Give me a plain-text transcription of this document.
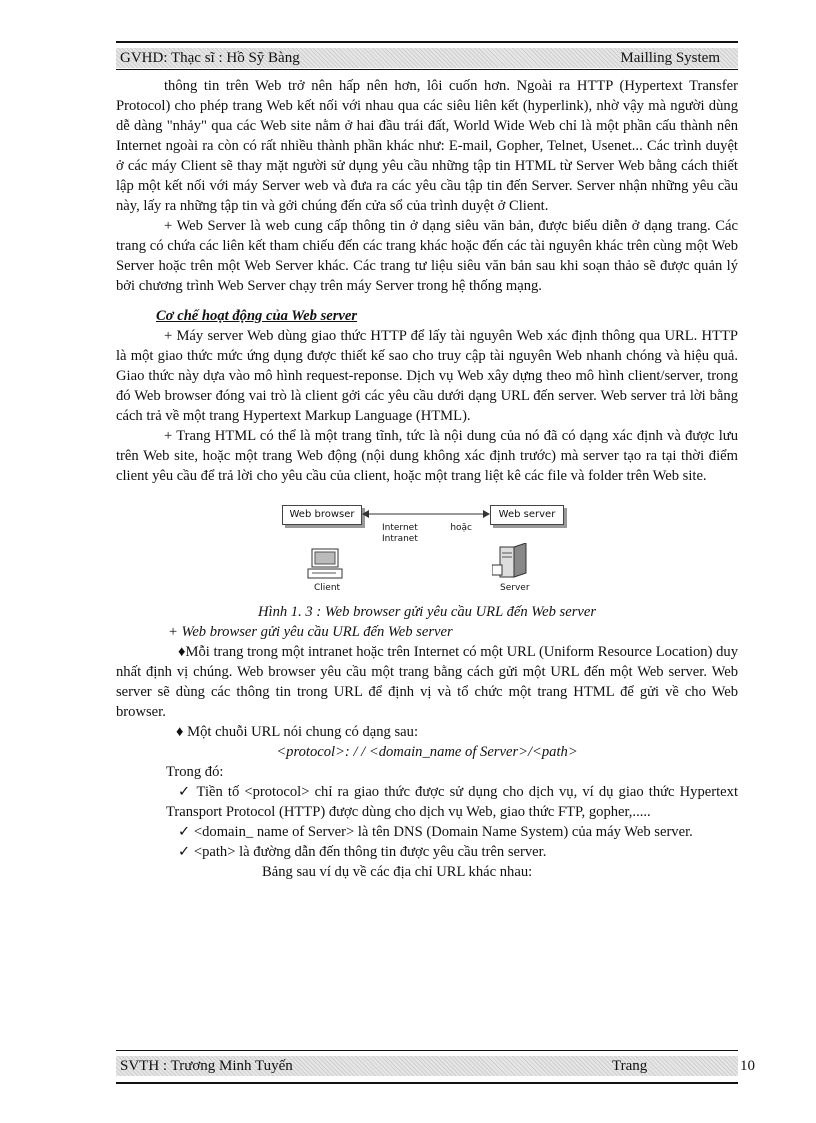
GVHD: Thạc sĩ : Hồ Sỹ Bàng	Mailling System

thông tin trên Web trở nên hấp nên hơn, lôi cuốn hơn. Ngoài ra HTTP (Hypertext Transfer Protocol) cho phép trang Web kết nối với nhau qua các siêu liên kết (hyperlink), nhờ vậy mà người dùng dễ dàng "nhảy" qua các Web site nằm ở hai đầu trái đất, World Wide Web chỉ là một phần cấu thành nên Internet ngoài ra còn có rất nhiều thành phần khác như: E-mail, Gopher, Telnet, Usenet... Các trình duyệt ở các máy Client sẽ thay mặt người sử dụng yêu cầu những tập tin HTML từ Server Web bằng cách thiết lập một kết nối với máy Server web và đưa ra các yêu cầu tập tin đến Server. Server nhận những yêu cầu này, lấy ra những tập tin và gởi chúng đến cửa sổ của trình duyệt ở Client.

+ Web Server là web cung cấp thông tin ở dạng siêu văn bản, được biểu diễn ở dạng trang. Các trang có chứa các liên kết tham chiếu đến các trang khác hoặc đến các tài nguyên khác trên cùng một Web Server hoặc trên một Web Server khác. Các trang tư liệu siêu văn bản sau khi soạn thảo sẽ được quản lý bởi chương trình Web Server chạy trên máy Server trong hệ thống mạng.

Cơ chế hoạt động của Web server

+ Máy server Web dùng giao thức HTTP để lấy tài nguyên Web xác định thông qua URL. HTTP là một giao thức mức ứng dụng được thiết kế sao cho truy cập tài nguyên Web nhanh chóng và hiệu quả. Giao thức này dựa vào mô hình request-reponse. Dịch vụ Web xây dựng theo mô hình client/server, trong đó Web browser đóng vai trò là client gởi các yêu cầu dưới dạng URL đến server. Web server trả lời bằng cách trả về một trang Hypertext Markup Language (HTML).

+ Trang HTML có thể là một trang tĩnh, tức là nội dung của nó đã có dạng xác định và được lưu trên Web site, hoặc một trang Web động (nội dung không xác định trước) mà server tạo ra tại thời điểm client yêu cầu để trả lời cho yêu cầu của client, hoặc một trang liệt kê các file và folder trên Web site.

Web browser	Web server
Internet hoặc Intranet
Client	Server

Hình 1. 3 : Web browser gửi yêu cầu URL đến Web server

+ Web browser gửi yêu cầu URL đến Web server

♦Mỗi trang trong một intranet hoặc trên Internet có một URL (Uniform Resource Location) duy nhất định vị chúng. Web browser yêu cầu một trang bằng cách gửi một URL đến một Web server. Web server sẽ dùng các thông tin trong URL để định vị và tổ chức một trang HTML để gửi về cho Web browser.

♦ Một chuỗi URL nói chung có dạng sau:

<protocol>: / / <domain_name of Server>/<path>

Trong đó:

✓ Tiền tố <protocol> chỉ ra giao thức được sử dụng cho dịch vụ, ví dụ giao thức Hypertext Transport Protocol (HTTP) được dùng cho dịch vụ Web, giao thức FTP, gopher,.....

✓ <domain_ name of Server> là tên DNS (Domain Name System) của máy Web server.

✓ <path> là đường dẫn đến thông tin được yêu cầu trên server.

Bảng sau ví dụ về các địa chỉ URL khác nhau:

SVTH : Trương Minh Tuyến	Trang	10
